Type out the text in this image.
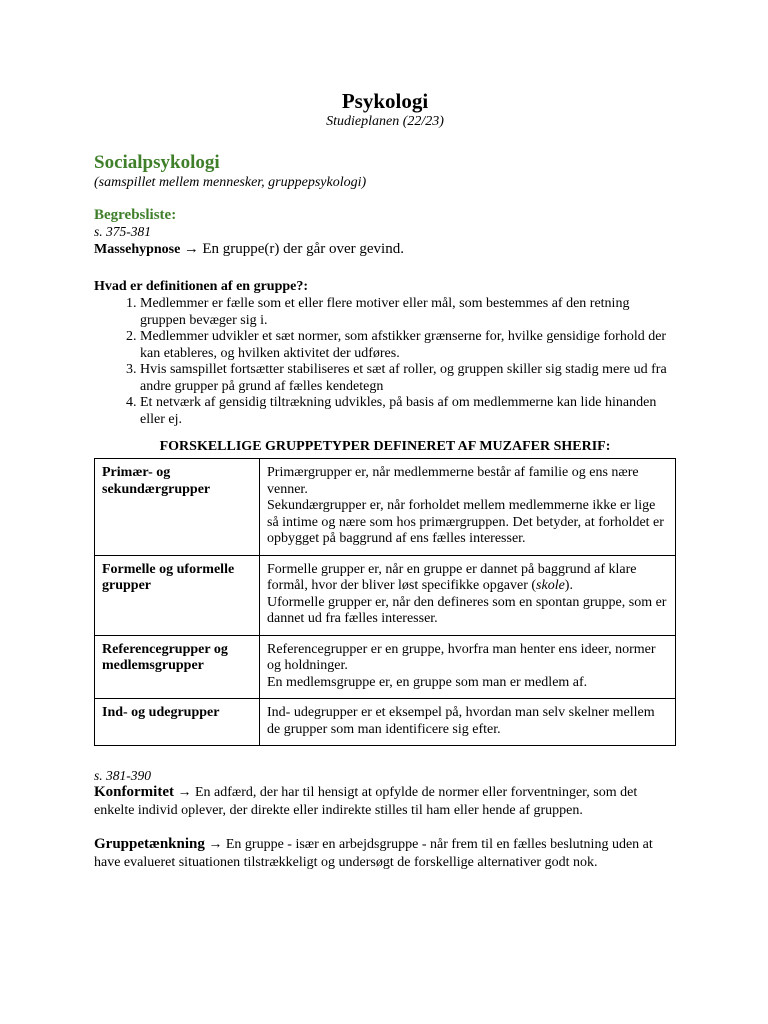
Psykologi

Studieplanen (22/23)

Socialpsykologi

(samspillet mellem mennesker, gruppepsykologi)

Begrebsliste:

s. 375-381

Massehypnose → En gruppe(r) der går over gevind.

Hvad er definitionen af en gruppe?:

1. Medlemmer er fælle som et eller flere motiver eller mål, som bestemmes af den retning gruppen bevæger sig i.
2. Medlemmer udvikler et sæt normer, som afstikker grænserne for, hvilke gensidige forhold der kan etableres, og hvilken aktivitet der udføres.
3. Hvis samspillet fortsætter stabiliseres et sæt af roller, og gruppen skiller sig stadig mere ud fra andre grupper på grund af fælles kendetegn
4. Et netværk af gensidig tiltrækning udvikles, på basis af om medlemmerne kan lide hinanden eller ej.

FORSKELLIGE GRUPPETYPER DEFINERET AF MUZAFER SHERIF:

Primær- og sekundærgrupper	Primærgrupper er, når medlemmerne består af familie og ens nære venner.
Sekundærgrupper er, når forholdet mellem medlemmerne ikke er lige så intime og nære som hos primærgruppen. Det betyder, at forholdet er opbygget på baggrund af ens fælles interesser.

Formelle og uformelle grupper	Formelle grupper er, når en gruppe er dannet på baggrund af klare formål, hvor der bliver løst specifikke opgaver (skole).
Uformelle grupper er, når den defineres som en spontan gruppe, som er dannet ud fra fælles interesser.

Referencegrupper og medlemsgrupper	Referencegrupper er en gruppe, hvorfra man henter ens ideer, normer og holdninger.
En medlemsgruppe er, en gruppe som man er medlem af.

Ind- og udegrupper	Ind- udegrupper er et eksempel på, hvordan man selv skelner mellem de grupper som man identificere sig efter.

s. 381-390

Konformitet → En adfærd, der har til hensigt at opfylde de normer eller forventninger, som det enkelte individ oplever, der direkte eller indirekte stilles til ham eller hende af gruppen.

Gruppetænkning → En gruppe - især en arbejdsgruppe - når frem til en fælles beslutning uden at have evalueret situationen tilstrækkeligt og undersøgt de forskellige alternativer godt nok.
